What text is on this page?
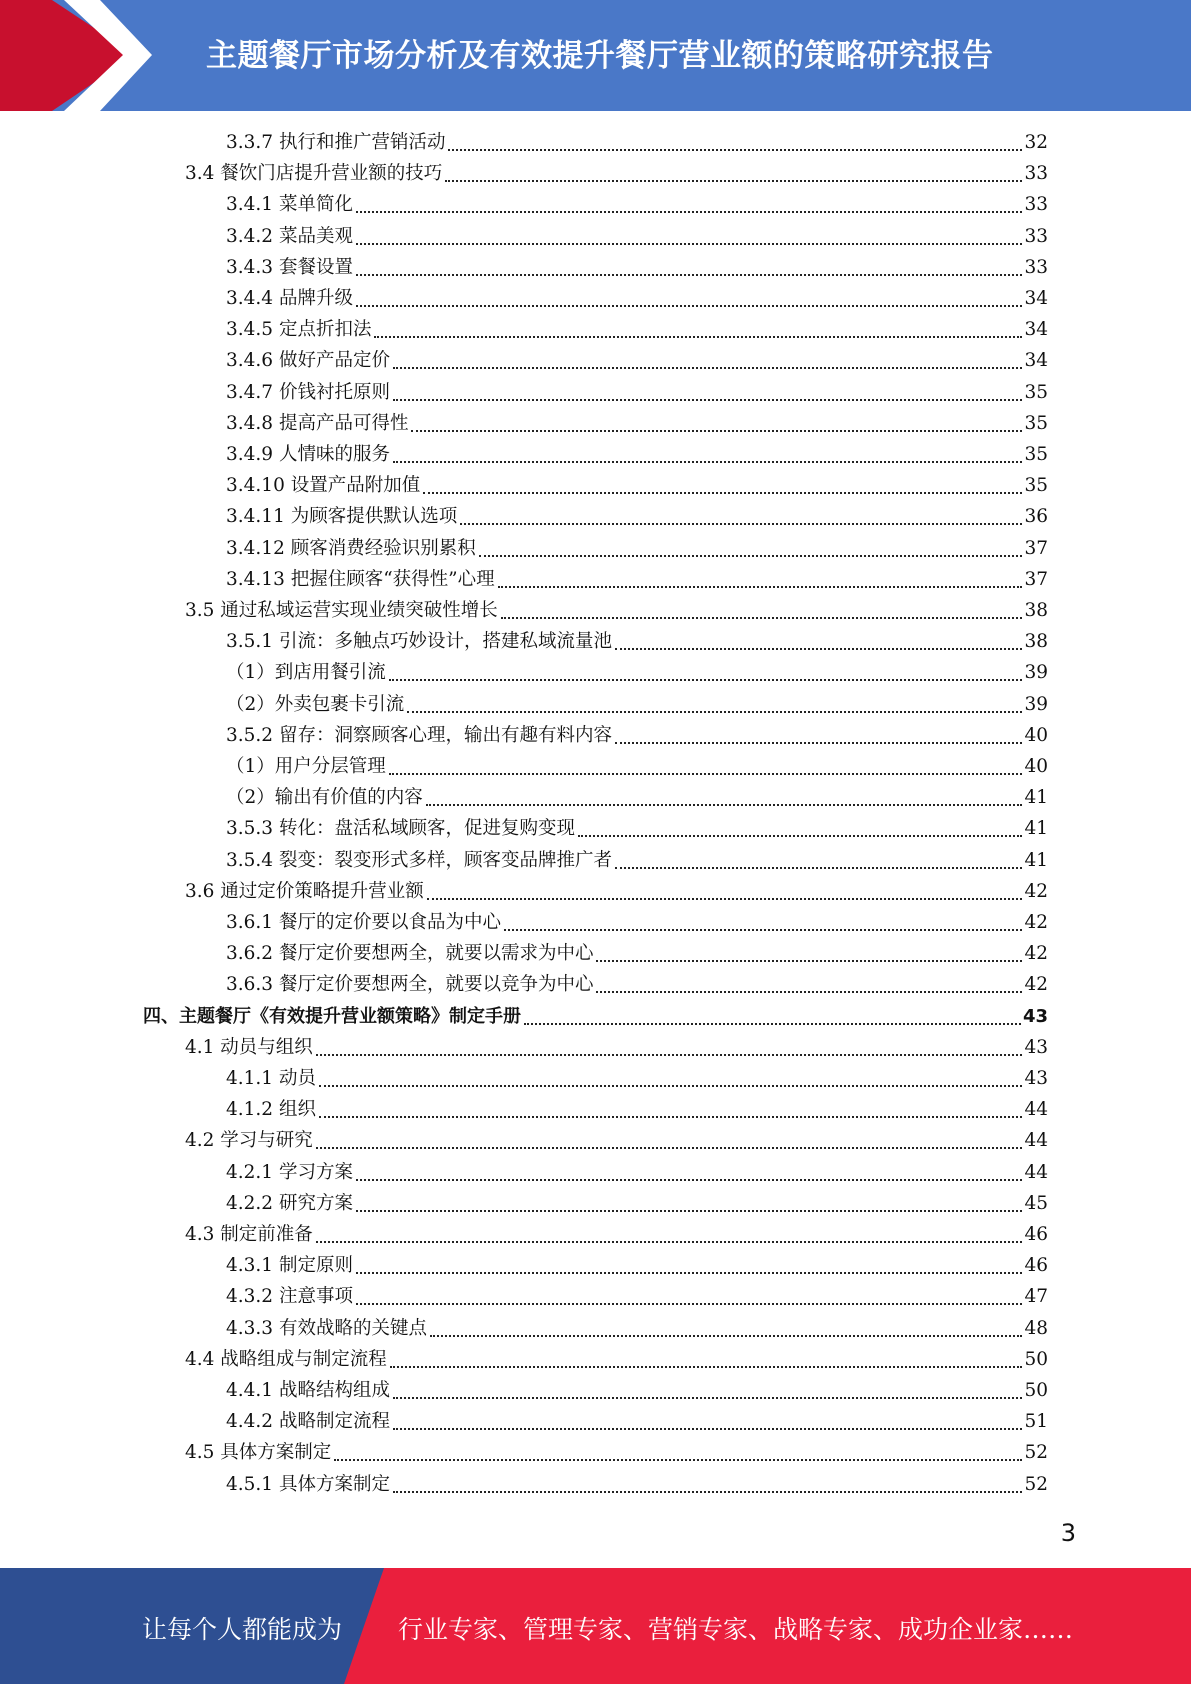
主题餐厅市场分析及有效提升餐厅营业额的策略研究报告
3.3.7 执行和推广营销活动	32
3.4 餐饮门店提升营业额的技巧	33
3.4.1 菜单简化	33
3.4.2 菜品美观	33
3.4.3 套餐设置	33
3.4.4 品牌升级	34
3.4.5 定点折扣法	34
3.4.6 做好产品定价	34
3.4.7 价钱衬托原则	35
3.4.8 提高产品可得性	35
3.4.9 人情味的服务	35
3.4.10 设置产品附加值	35
3.4.11 为顾客提供默认选项	36
3.4.12 顾客消费经验识别累积	37
3.4.13 把握住顾客“获得性”心理	37
3.5 通过私域运营实现业绩突破性增长	38
3.5.1 引流：多触点巧妙设计，搭建私域流量池	38
（1）到店用餐引流	39
（2）外卖包裹卡引流	39
3.5.2 留存：洞察顾客心理，输出有趣有料内容	40
（1）用户分层管理	40
（2）输出有价值的内容	41
3.5.3 转化：盘活私域顾客，促进复购变现	41
3.5.4 裂变：裂变形式多样，顾客变品牌推广者	41
3.6 通过定价策略提升营业额	42
3.6.1 餐厅的定价要以食品为中心	42
3.6.2 餐厅定价要想两全，就要以需求为中心	42
3.6.3 餐厅定价要想两全，就要以竞争为中心	42
四、主题餐厅《有效提升营业额策略》制定手册	43
4.1 动员与组织	43
4.1.1 动员	43
4.1.2 组织	44
4.2 学习与研究	44
4.2.1 学习方案	44
4.2.2 研究方案	45
4.3 制定前准备	46
4.3.1 制定原则	46
4.3.2 注意事项	47
4.3.3 有效战略的关键点	48
4.4 战略组成与制定流程	50
4.4.1 战略结构组成	50
4.4.2 战略制定流程	51
4.5 具体方案制定	52
4.5.1 具体方案制定	52
3
让每个人都能成为 行业专家、管理专家、营销专家、战略专家、成功企业家……
